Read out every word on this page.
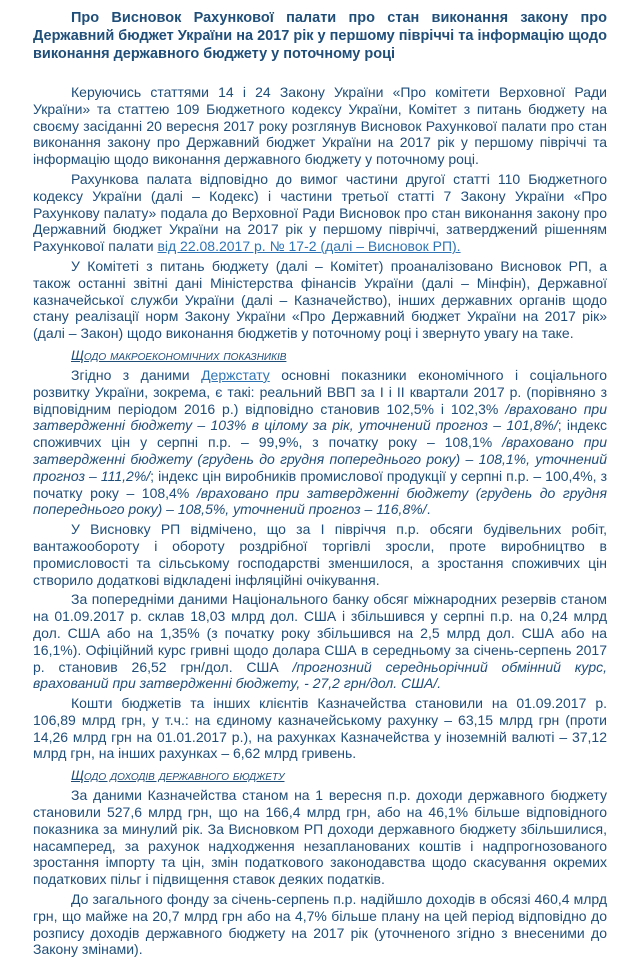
Про Висновок Рахункової палати про стан виконання закону про Державний бюджет України на 2017 рік у першому півріччі та інформацію щодо виконання державного бюджету у поточному році

Керуючись статтями 14 і 24 Закону України «Про комітети Верховної Ради України» та статтею 109 Бюджетного кодексу України, Комітет з питань бюджету на своєму засіданні 20 вересня 2017 року розглянув Висновок Рахункової палати про стан виконання закону про Державний бюджет України на 2017 рік у першому півріччі та інформацію щодо виконання державного бюджету у поточному році.

Рахункова палата відповідно до вимог частини другої статті 110 Бюджетного кодексу України (далі – Кодекс) і частини третьої статті 7 Закону України «Про Рахункову палату» подала до Верховної Ради Висновок про стан виконання закону про Державний бюджет України на 2017 рік у першому півріччі, затверджений рішенням Рахункової палати від 22.08.2017 р. № 17-2 (далі – Висновок РП).

У Комітеті з питань бюджету (далі – Комітет) проаналізовано Висновок РП, а також останні звітні дані Міністерства фінансів України (далі – Мінфін), Державної казначейської служби України (далі – Казначейство), інших державних органів щодо стану реалізації норм Закону України «Про Державний бюджет України на 2017 рік» (далі – Закон) щодо виконання бюджетів у поточному році і звернуто увагу на таке.

Щодо макроекономічних показників

Згідно з даними Держстату основні показники економічного і соціального розвитку України, зокрема, є такі: реальний ВВП за І і ІІ квартали 2017 р. (порівняно з відповідним періодом 2016 р.) відповідно становив 102,5% і 102,3% /враховано при затвердженні бюджету – 103% в цілому за рік, уточнений прогноз – 101,8%/; індекс споживчих цін у серпні п.р. – 99,9%, з початку року – 108,1% /враховано при затвердженні бюджету (грудень до грудня попереднього року) – 108,1%, уточнений прогноз – 111,2%/; індекс цін виробників промислової продукції у серпні п.р. – 100,4%, з початку року – 108,4% /враховано при затвердженні бюджету (грудень до грудня попереднього року) – 108,5%, уточнений прогноз – 116,8%/.

У Висновку РП відмічено, що за І півріччя п.р. обсяги будівельних робіт, вантажообороту і обороту роздрібної торгівлі зросли, проте виробництво в промисловості та сільському господарстві зменшилося, а зростання споживчих цін створило додаткові відкладені інфляційні очікування.

За попередніми даними Національного банку обсяг міжнародних резервів станом на 01.09.2017 р. склав 18,03 млрд дол. США і збільшився у серпні п.р. на 0,24 млрд дол. США або на 1,35% (з початку року збільшився на 2,5 млрд дол. США або на 16,1%). Офіційний курс гривні щодо долара США в середньому за січень-серпень 2017 р. становив 26,52 грн/дол. США /прогнозний середньорічний обмінний курс, врахований при затвердженні бюджету, - 27,2 грн/дол. США/.

Кошти бюджетів та інших клієнтів Казначейства становили на 01.09.2017 р. 106,89 млрд грн, у т.ч.: на єдиному казначейському рахунку – 63,15 млрд грн (проти 14,26 млрд грн на 01.01.2017 р.), на рахунках Казначейства у іноземній валюті – 37,12 млрд грн, на інших рахунках – 6,62 млрд гривень.

Щодо доходів державного бюджету

За даними Казначейства станом на 1 вересня п.р. доходи державного бюджету становили 527,6 млрд грн, що на 166,4 млрд грн, або на 46,1% більше відповідного показника за минулий рік. За Висновком РП доходи державного бюджету збільшилися, насамперед, за рахунок надходження незапланованих коштів і надпрогнозованого зростання імпорту та цін, змін податкового законодавства щодо скасування окремих податкових пільг і підвищення ставок деяких податків.

До загального фонду за січень-серпень п.р. надійшло доходів в обсязі 460,4 млрд грн, що майже на 20,7 млрд грн або на 4,7% більше плану на цей період відповідно до розпису доходів державного бюджету на 2017 рік (уточненого згідно з внесеними до Закону змінами).
